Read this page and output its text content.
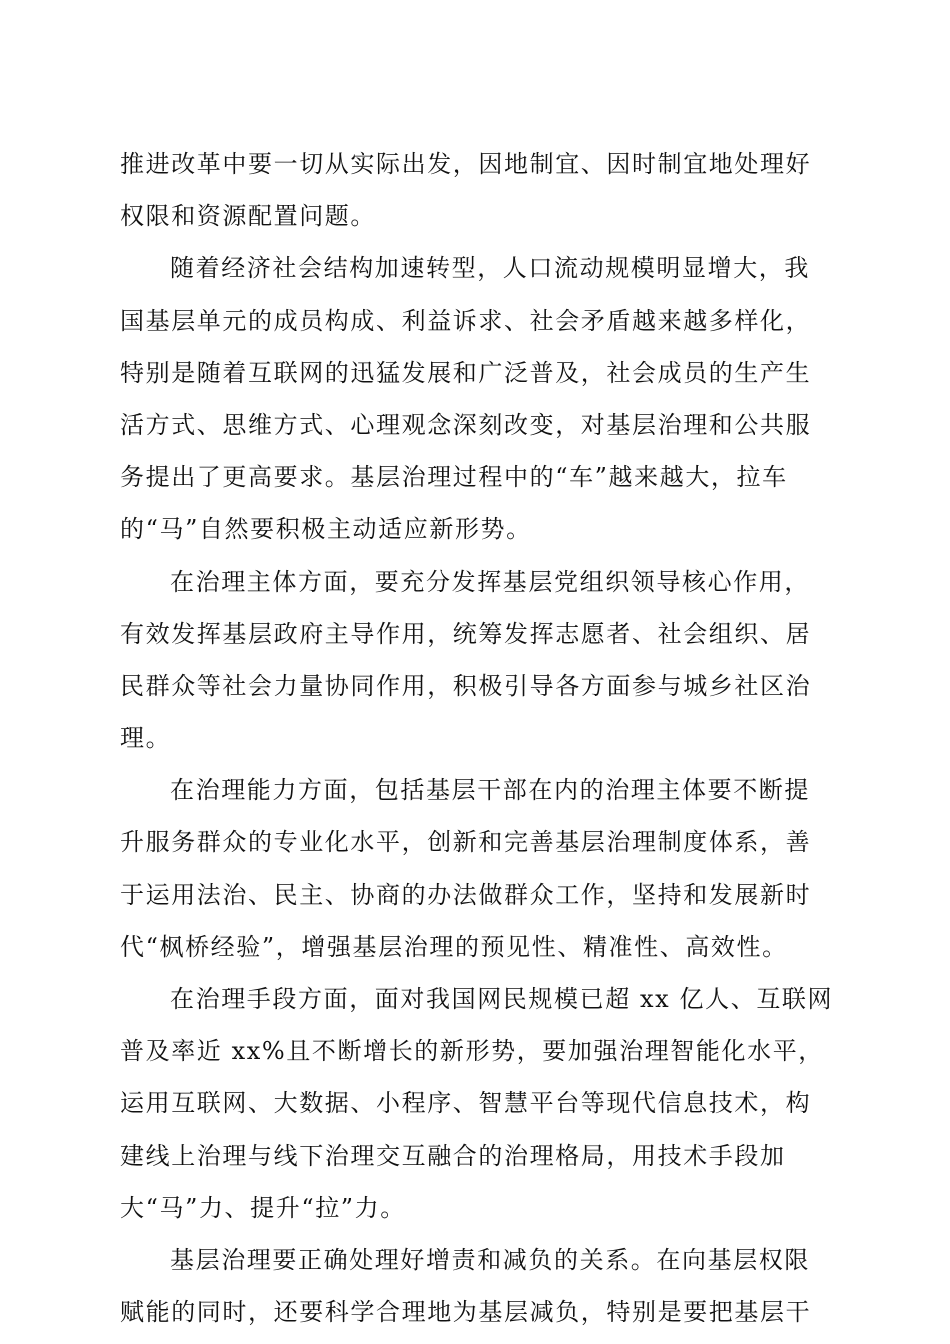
推进改革中要一切从实际出发，因地制宜、因时制宜地处理好
权限和资源配置问题。
随着经济社会结构加速转型，人口流动规模明显增大，我
国基层单元的成员构成、利益诉求、社会矛盾越来越多样化，
特别是随着互联网的迅猛发展和广泛普及，社会成员的生产生
活方式、思维方式、心理观念深刻改变，对基层治理和公共服
务提出了更高要求。基层治理过程中的“车”越来越大，拉车
的“马”自然要积极主动适应新形势。
在治理主体方面，要充分发挥基层党组织领导核心作用，
有效发挥基层政府主导作用，统筹发挥志愿者、社会组织、居
民群众等社会力量协同作用，积极引导各方面参与城乡社区治
理。
在治理能力方面，包括基层干部在内的治理主体要不断提
升服务群众的专业化水平，创新和完善基层治理制度体系，善
于运用法治、民主、协商的办法做群众工作，坚持和发展新时
代“枫桥经验”，增强基层治理的预见性、精准性、高效性。
在治理手段方面，面对我国网民规模已超 xx 亿人、互联网
普及率近 xx%且不断增长的新形势，要加强治理智能化水平，
运用互联网、大数据、小程序、智慧平台等现代信息技术，构
建线上治理与线下治理交互融合的治理格局，用技术手段加
大“马”力、提升“拉”力。
基层治理要正确处理好增责和减负的关系。在向基层权限
赋能的同时，还要科学合理地为基层减负，特别是要把基层干
